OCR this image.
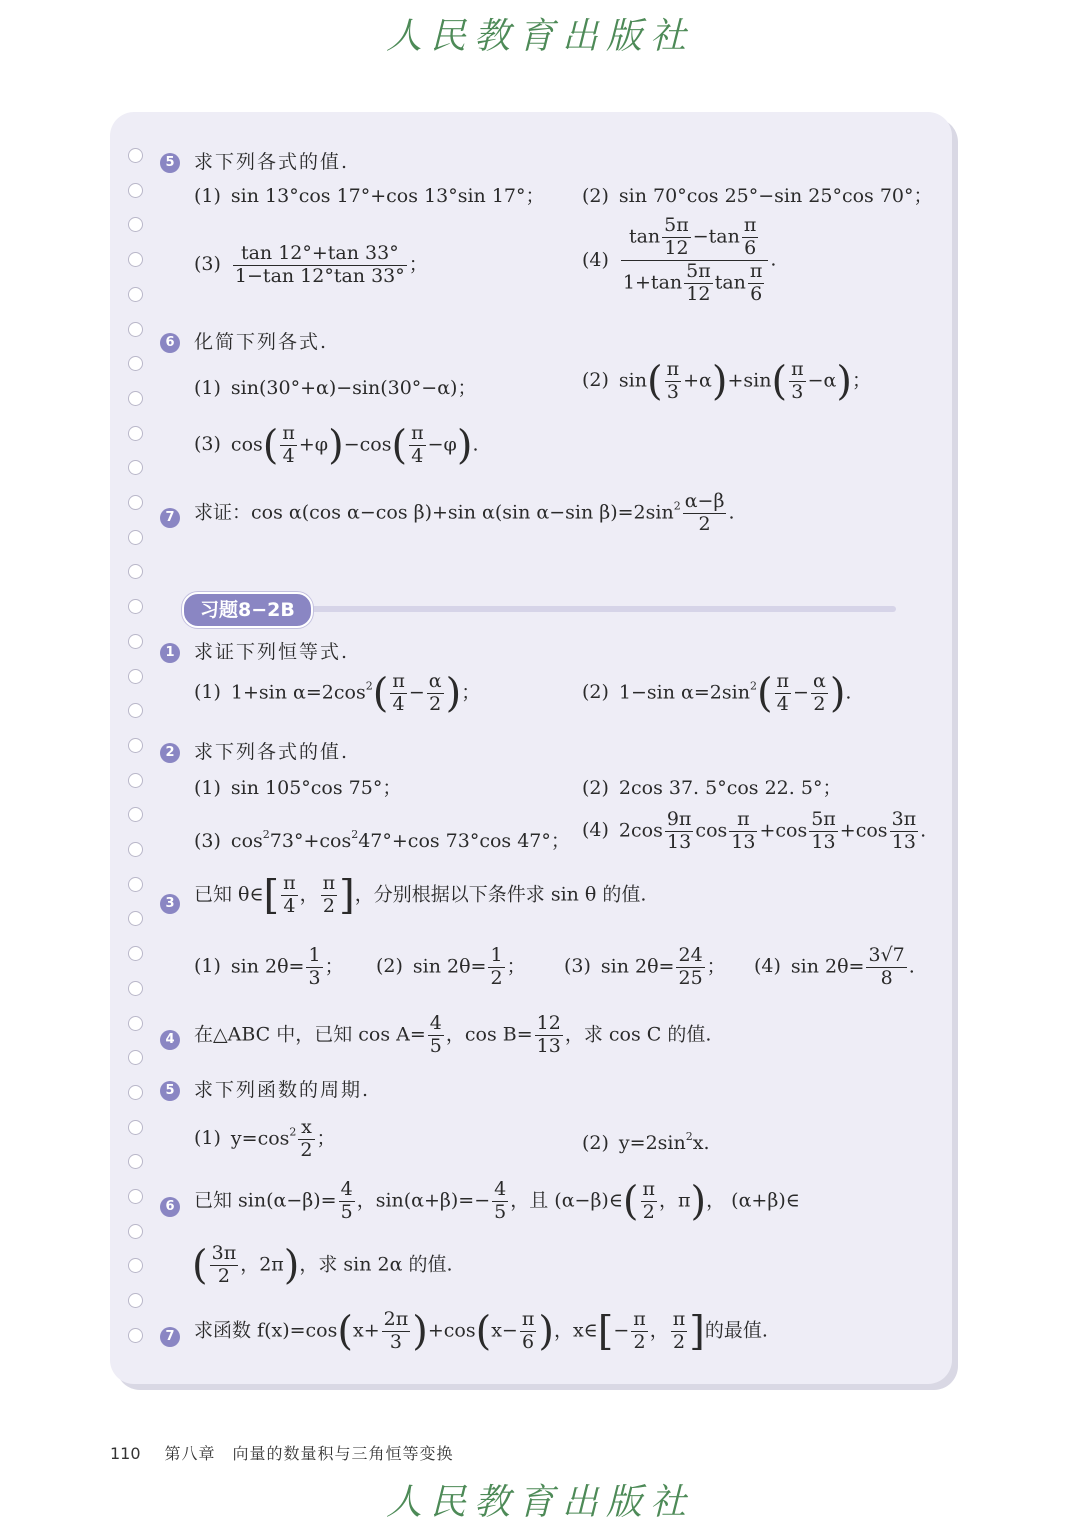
人民教育出版社
5 求下列各式的值.
(1) sin 13°cos 17°+cos 13°sin 17°； (2) sin 70°cos 25°−sin 25°cos 70°；
$(3) \frac{\tan 12^\circ+\tan 33^\circ}{1-\tan 12^\circ\tan 33^\circ}$ ；	$(4) \frac{\tan \frac{5\pi}{12} -\tan \frac{\pi}{6}}{1+\tan \frac{5\pi}{12} \tan \frac{\pi}{6}}$ .
6 化简下列各式.
(1) sin(30°+α)−sin(30°−α)；	(2) $\sin( \frac{\pi}{3} +\alpha)+\sin( \frac{\pi}{3} -\alpha)$；
(3) $\cos( \frac{\pi}{4} +\varphi)-\cos( \frac{\pi}{4} -\varphi)$.
7 求证：cos α(cos α−cos β)+sin α(sin α−sin $\beta)=2\sin^2 \frac{\alpha-\beta}{2}$ .
习题8−2B
1 求证下列恒等式.
(1) 1+sin $\alpha=2\cos^2( \frac{\pi}{4} - \frac{\alpha}{2}$ )；	(2) 1−sin $\alpha=2\sin^2( \frac{\pi}{4} - \frac{\alpha}{2}$ ).
2 求下列各式的值.
(1) sin 105°cos 75°；	(2) 2cos 37. 5°cos 22. 5°；
(3) $\cos^273^\circ+\cos^247^\circ+\cos$ 73°cos 47°； (4) $2\cos \frac{9\pi}{13}$ $\cos \frac{\pi}{13} +\cos \frac{5\pi}{13} +\cos \frac{3\pi}{13}$ .
3 已知 θ∈[ $\frac{\pi}{4}$ ， $\frac{\pi}{2}$ ]，分别根据以下条件求 sin θ 的值.
(1) $\sin 2\theta= \frac{1}{3}$ ； (2) $\sin 2\theta= \frac{1}{2}$ ； (3) $\sin 2\theta= \frac{24}{25}$ ； (4) $\sin 2\theta= \frac{3√7}{8}$ .
4 在△ABC 中，已知 $\cos A= \frac{4}{5}$ ，$\cos B= \frac{12}{13}$ ，求 cos C 的值.
5 求下列函数的周期.
(1) $y=\cos^2 \frac{x}{2}$ ；	(2) $y=2\sin^2x$.
6 已知 $\sin(\alpha-\beta)= \frac{4}{5}$ ，$\sin(\alpha+\beta)=- \frac{4}{5}$ ，且 (α−β)∈( $\frac{\pi}{2}$ ，π)， (α+β)∈
( $\frac{3\pi}{2}$ ，2π)，求 sin 2α 的值.
7 求函数 $f(x)=\cos(x+ \frac{2\pi}{3} )+\cos(x- \frac{\pi}{6}$ )，x∈[− $\frac{\pi}{2}$ ， $\frac{\pi}{2}$ ]的最值.
110 第八章　向量的数量积与三角恒等变换
人民教育出版社
